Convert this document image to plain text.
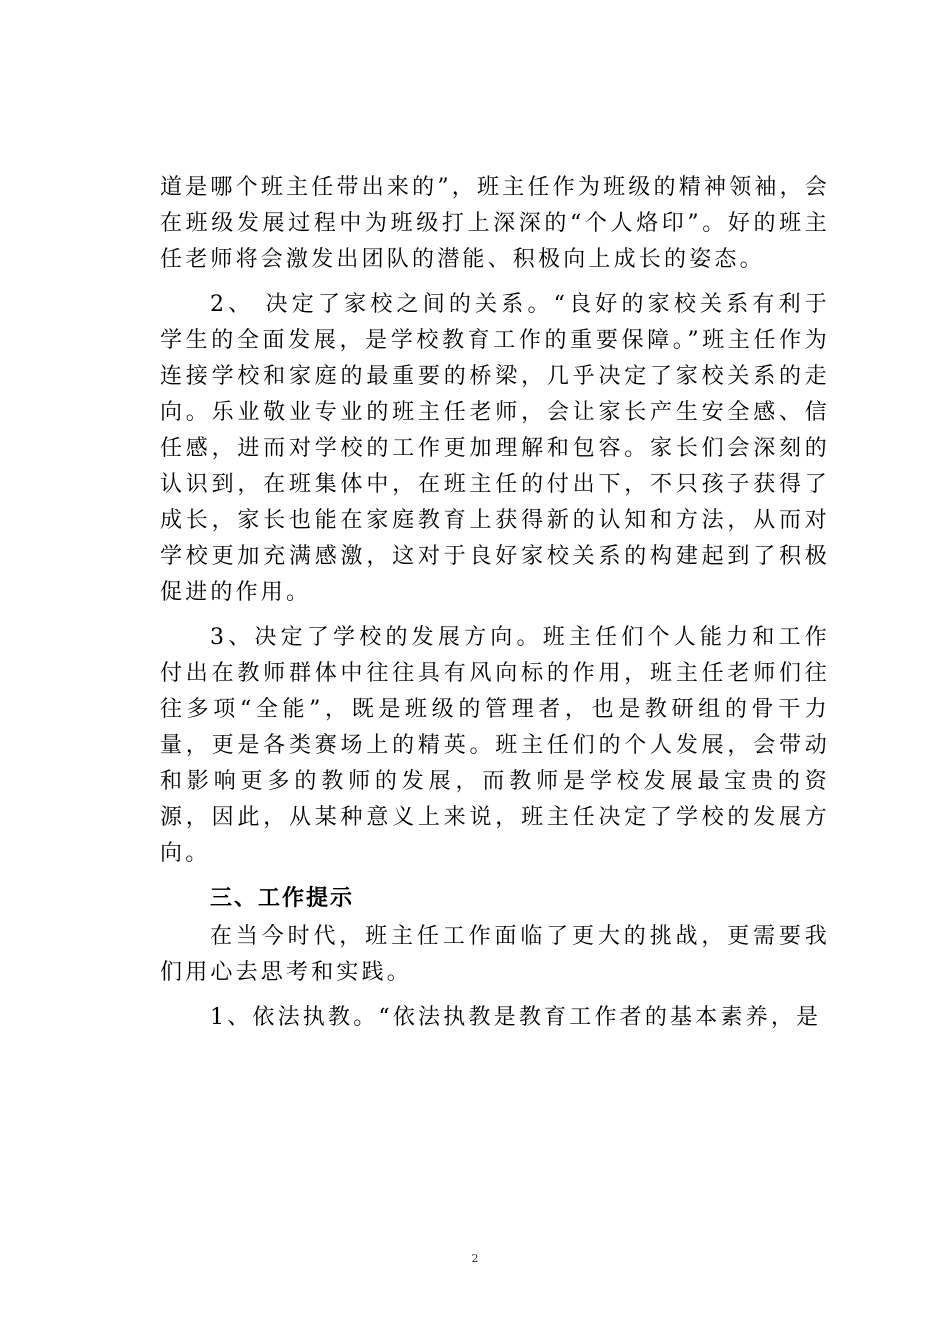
道是哪个班主任带出来的”，班主任作为班级的精神领袖，会在班级发展过程中为班级打上深深的“个人烙印”。好的班主任老师将会激发出团队的潜能、积极向上成长的姿态。

2、 决定了家校之间的关系。“良好的家校关系有利于学生的全面发展，是学校教育工作的重要保障。”班主任作为连接学校和家庭的最重要的桥梁，几乎决定了家校关系的走向。乐业敬业专业的班主任老师，会让家长产生安全感、信任感，进而对学校的工作更加理解和包容。家长们会深刻的认识到，在班集体中，在班主任的付出下，不只孩子获得了成长，家长也能在家庭教育上获得新的认知和方法，从而对学校更加充满感激，这对于良好家校关系的构建起到了积极促进的作用。

3、决定了学校的发展方向。班主任们个人能力和工作付出在教师群体中往往具有风向标的作用，班主任老师们往往多项“全能”，既是班级的管理者，也是教研组的骨干力量，更是各类赛场上的精英。班主任们的个人发展，会带动和影响更多的教师的发展，而教师是学校发展最宝贵的资源，因此，从某种意义上来说，班主任决定了学校的发展方向。

三、工作提示

在当今时代，班主任工作面临了更大的挑战，更需要我们用心去思考和实践。

1、依法执教。“依法执教是教育工作者的基本素养，是

2
